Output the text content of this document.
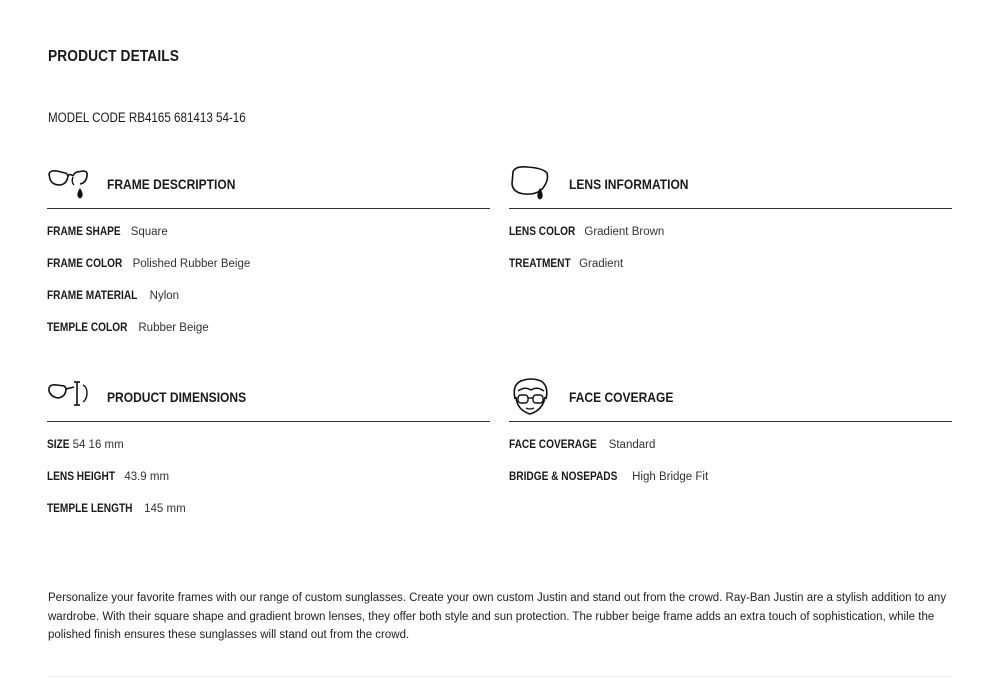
PRODUCT DETAILS
MODEL CODE RB4165 681413 54-16
FRAME DESCRIPTION
FRAME SHAPE Square
FRAME COLOR Polished Rubber Beige
FRAME MATERIAL Nylon
TEMPLE COLOR Rubber Beige
LENS INFORMATION
LENS COLOR Gradient Brown
TREATMENT Gradient
PRODUCT DIMENSIONS
SIZE 54 16 mm
LENS HEIGHT 43.9 mm
TEMPLE LENGTH 145 mm
FACE COVERAGE
FACE COVERAGE Standard
BRIDGE & NOSEPADS High Bridge Fit
Personalize your favorite frames with our range of custom sunglasses. Create your own custom Justin and stand out from the crowd. Ray-Ban Justin are a stylish addition to any wardrobe. With their square shape and gradient brown lenses, they offer both style and sun protection. The rubber beige frame adds an extra touch of sophistication, while the polished finish ensures these sunglasses will stand out from the crowd.
